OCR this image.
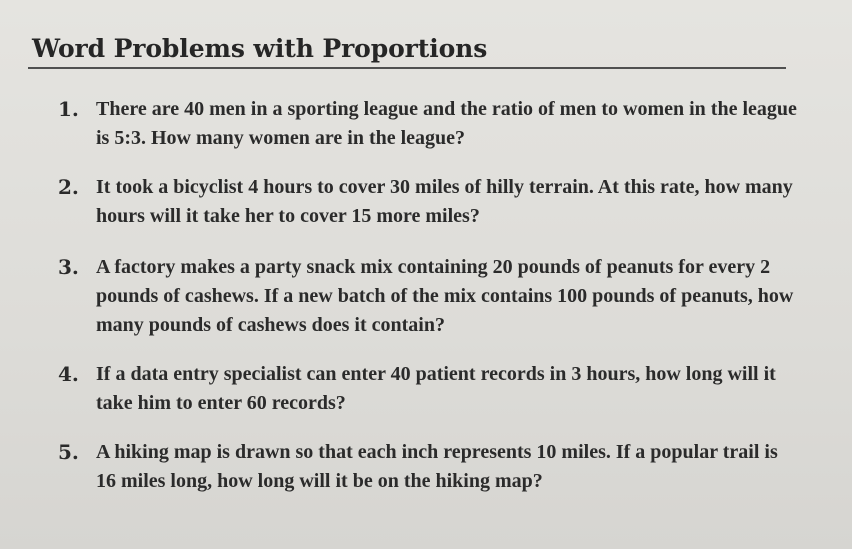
Word Problems with Proportions
1. There are 40 men in a sporting league and the ratio of men to women in the league is 5:3. How many women are in the league?
2. It took a bicyclist 4 hours to cover 30 miles of hilly terrain. At this rate, how many hours will it take her to cover 15 more miles?
3. A factory makes a party snack mix containing 20 pounds of peanuts for every 2 pounds of cashews. If a new batch of the mix contains 100 pounds of peanuts, how many pounds of cashews does it contain?
4. If a data entry specialist can enter 40 patient records in 3 hours, how long will it take him to enter 60 records?
5. A hiking map is drawn so that each inch represents 10 miles. If a popular trail is 16 miles long, how long will it be on the hiking map?
